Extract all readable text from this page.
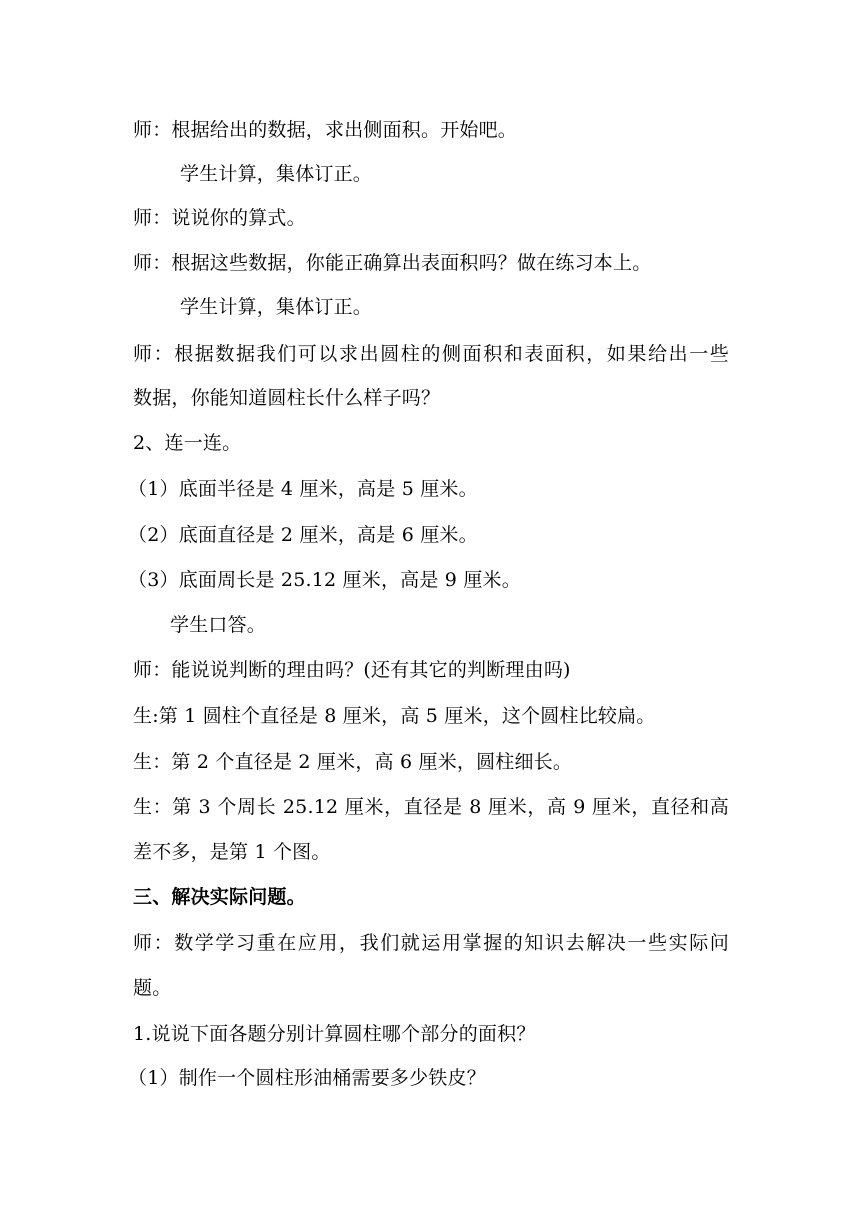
师：根据给出的数据，求出侧面积。开始吧。
学生计算，集体订正。
师：说说你的算式。
师：根据这些数据，你能正确算出表面积吗？做在练习本上。
学生计算，集体订正。
师：根据数据我们可以求出圆柱的侧面积和表面积，如果给出一些
数据，你能知道圆柱长什么样子吗？
2、连一连。
（1）底面半径是 4 厘米，高是 5 厘米。
（2）底面直径是 2 厘米，高是 6 厘米。
（3）底面周长是 25.12 厘米，高是 9 厘米。
学生口答。
师：能说说判断的理由吗？(还有其它的判断理由吗)
生:第 1 圆柱个直径是 8 厘米，高 5 厘米，这个圆柱比较扁。
生：第 2 个直径是 2 厘米，高 6 厘米，圆柱细长。
生：第 3 个周长 25.12 厘米，直径是 8 厘米，高 9 厘米，直径和高
差不多，是第 1 个图。
三、解决实际问题。
师：数学学习重在应用，我们就运用掌握的知识去解决一些实际问
题。
1.说说下面各题分别计算圆柱哪个部分的面积？
（1）制作一个圆柱形油桶需要多少铁皮？
